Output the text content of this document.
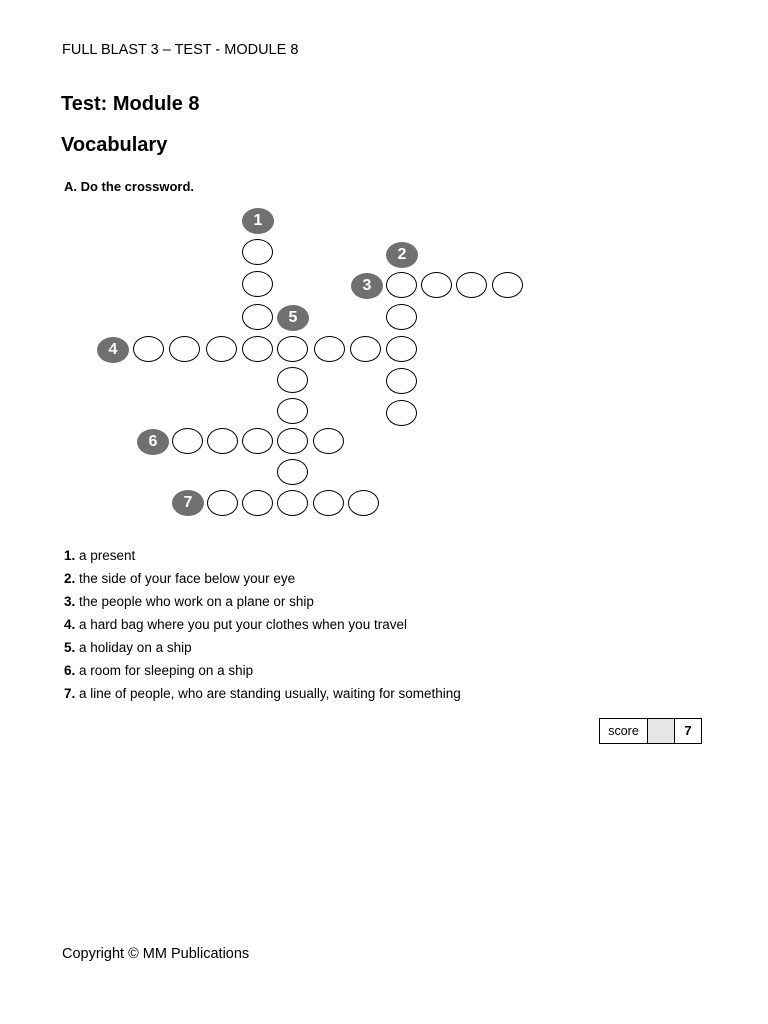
FULL BLAST 3 – TEST - MODULE 8
Test: Module 8
Vocabulary
A. Do the crossword.
1
2
3
4
5
6
7
1. a present
2. the side of your face below your eye
3. the people who work on a plane or ship
4. a hard bag where you put your clothes when you travel
5. a holiday on a ship
6. a room for sleeping on a ship
7. a line of people, who are standing usually, waiting for something
score	7
Copyright © MM Publications
